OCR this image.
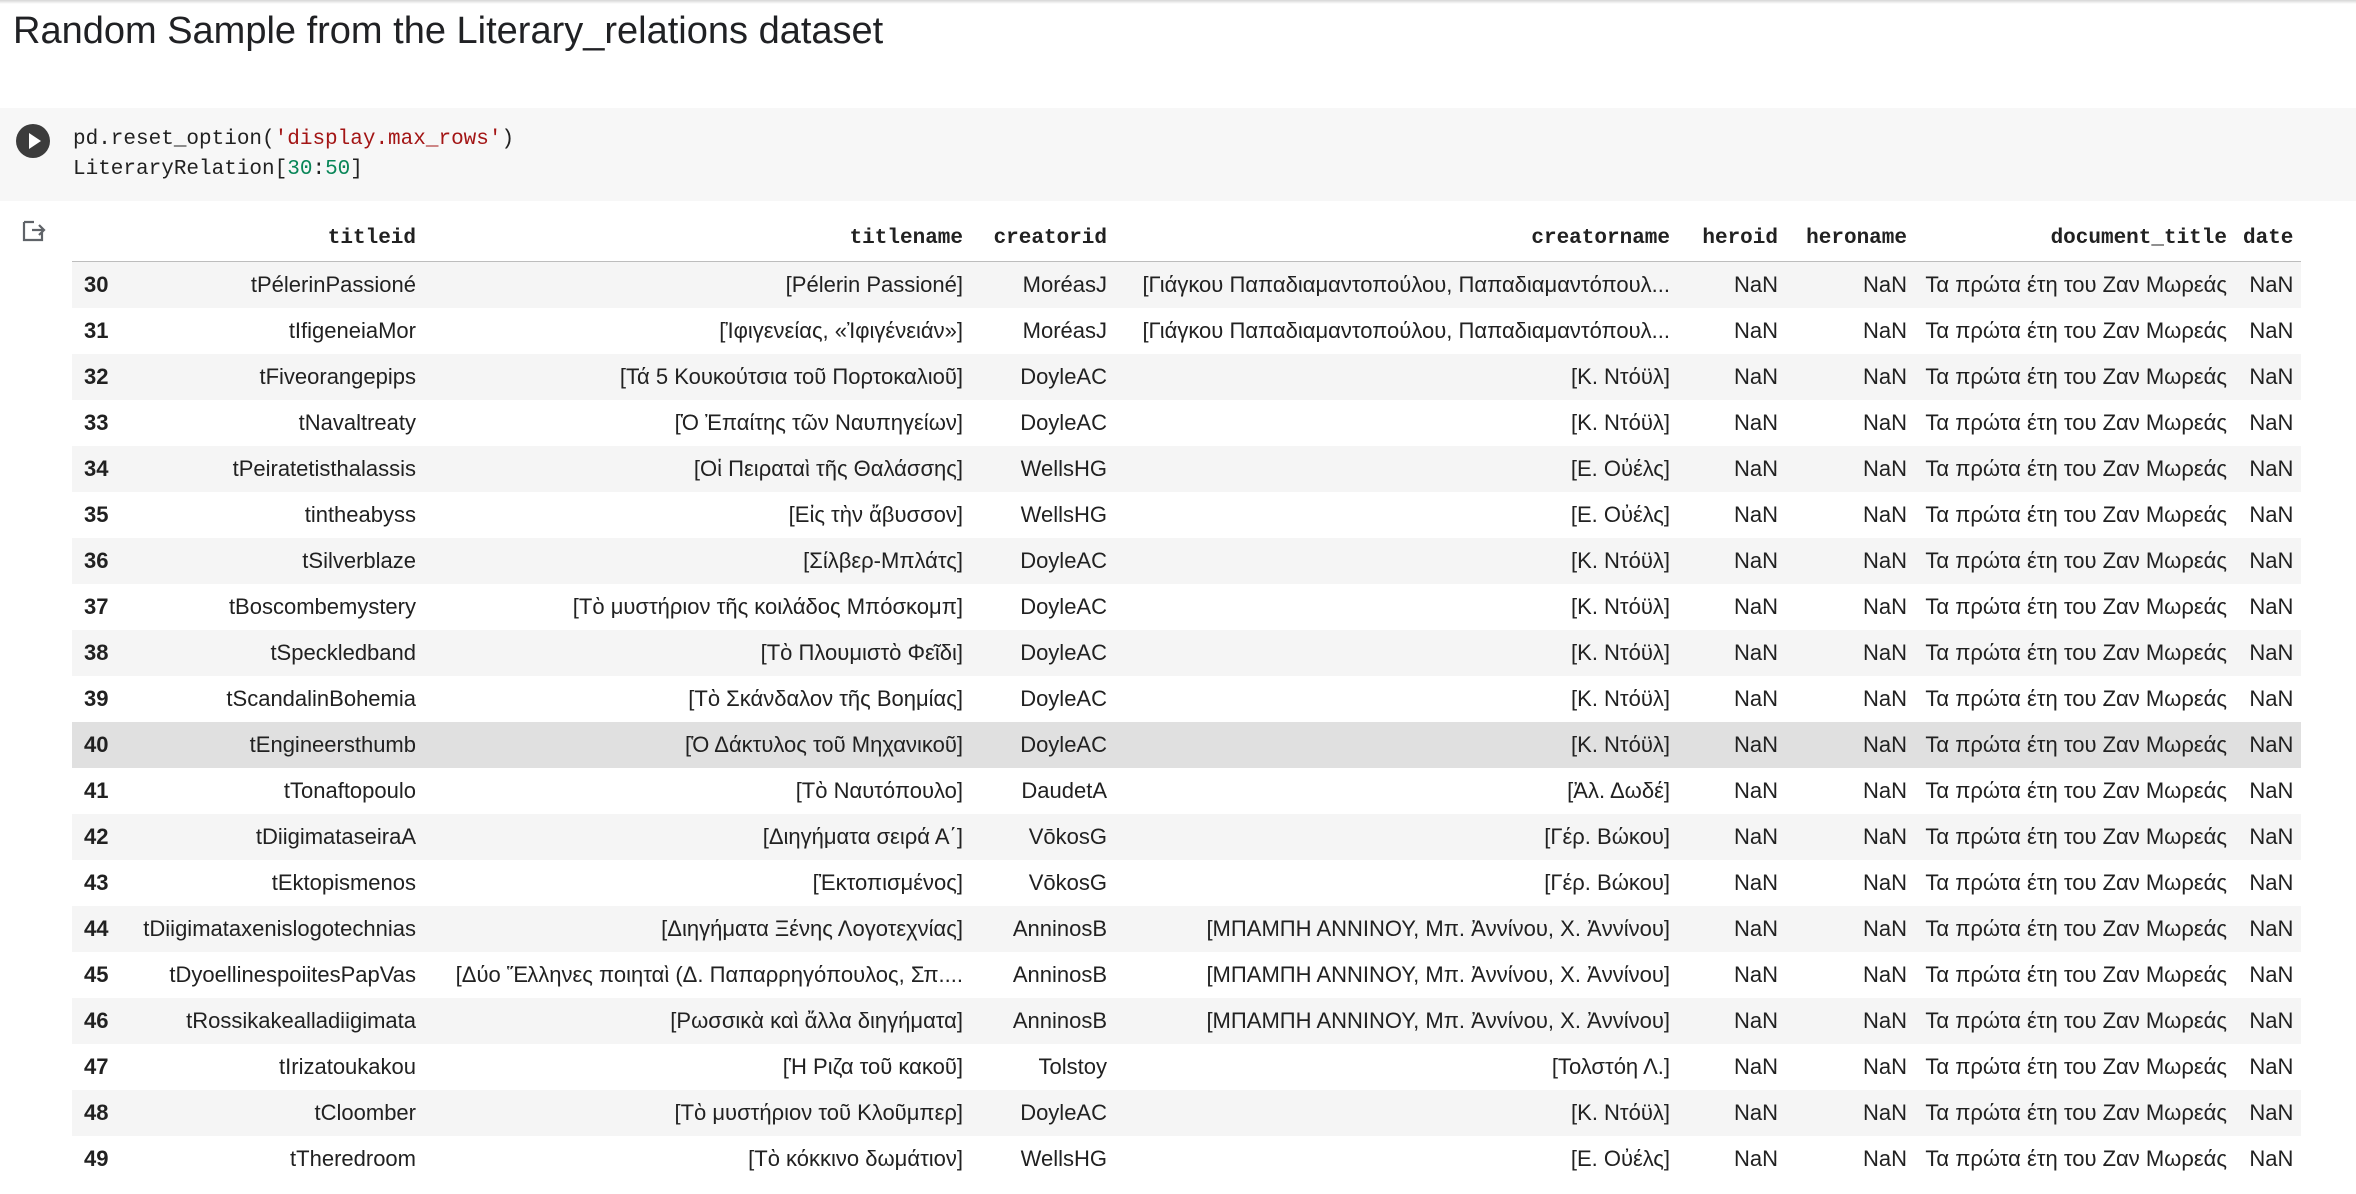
Random Sample from the Literary_relations dataset
pd.reset_option('display.max_rows')
LiteraryRelation[30:50]
	titleid	titlename	creatorid	creatorname	heroid	heroname	document_title	date
30	tPélerinPassioné	[Pélerin Passioné]	MoréasJ	[Γιάγκου Παπαδιαμαντοπούλου, Παπαδιαμαντόπουλ...	NaN	NaN	Τα πρώτα έτη του Ζαν Μωρεάς	NaN
31	tIfigeneiaMor	[Ἰφιγενείας, «Ἰφιγένειάν»]	MoréasJ	[Γιάγκου Παπαδιαμαντοπούλου, Παπαδιαμαντόπουλ...	NaN	NaN	Τα πρώτα έτη του Ζαν Μωρεάς	NaN
32	tFiveorangepips	[Τά 5 Κουκούτσια τοῦ Πορτοκαλιοῦ]	DoyleAC	[Κ. Ντόϋλ]	NaN	NaN	Τα πρώτα έτη του Ζαν Μωρεάς	NaN
33	tNavaltreaty	[Ὁ Ἐπαίτης τῶν Ναυπηγείων]	DoyleAC	[Κ. Ντόϋλ]	NaN	NaN	Τα πρώτα έτη του Ζαν Μωρεάς	NaN
34	tPeiratetisthalassis	[Οἱ Πειραταὶ τῆς Θαλάσσης]	WellsHG	[Ε. Οὐέλς]	NaN	NaN	Τα πρώτα έτη του Ζαν Μωρεάς	NaN
35	tintheabyss	[Εἰς τὴν ἄβυσσον]	WellsHG	[Ε. Οὐέλς]	NaN	NaN	Τα πρώτα έτη του Ζαν Μωρεάς	NaN
36	tSilverblaze	[Σίλβερ-Μπλάτς]	DoyleAC	[Κ. Ντόϋλ]	NaN	NaN	Τα πρώτα έτη του Ζαν Μωρεάς	NaN
37	tBoscombemystery	[Τὸ μυστήριον τῆς κοιλάδος Μπόσκομπ]	DoyleAC	[Κ. Ντόϋλ]	NaN	NaN	Τα πρώτα έτη του Ζαν Μωρεάς	NaN
38	tSpeckledband	[Τὸ Πλουμιστὸ Φεῖδι]	DoyleAC	[Κ. Ντόϋλ]	NaN	NaN	Τα πρώτα έτη του Ζαν Μωρεάς	NaN
39	tScandalinBohemia	[Τὸ Σκάνδαλον τῆς Βοημίας]	DoyleAC	[Κ. Ντόϋλ]	NaN	NaN	Τα πρώτα έτη του Ζαν Μωρεάς	NaN
40	tEngineersthumb	[Ὁ Δάκτυλος τοῦ Μηχανικοῦ]	DoyleAC	[Κ. Ντόϋλ]	NaN	NaN	Τα πρώτα έτη του Ζαν Μωρεάς	NaN
41	tTonaftopoulo	[Τὸ Ναυτόπουλο]	DaudetA	[Ἀλ. Δωδέ]	NaN	NaN	Τα πρώτα έτη του Ζαν Μωρεάς	NaN
42	tDiigimataseiraA	[Διηγήματα σειρά Α΄]	VōkosG	[Γέρ. Βώκου]	NaN	NaN	Τα πρώτα έτη του Ζαν Μωρεάς	NaN
43	tEktopismenos	[Ἐκτοπισμένος]	VōkosG	[Γέρ. Βώκου]	NaN	NaN	Τα πρώτα έτη του Ζαν Μωρεάς	NaN
44	tDiigimataxenislogotechnias	[Διηγήματα Ξένης Λογοτεχνίας]	AnninosB	[ΜΠΑΜΠΗ ΑΝΝΙΝΟΥ, Μπ. Ἀννίνου, Χ. Ἀννίνου]	NaN	NaN	Τα πρώτα έτη του Ζαν Μωρεάς	NaN
45	tDyoellinespoiitesPapVas	[Δύο Ἕλληνες ποιηταὶ (Δ. Παπαρρηγόπουλος, Σπ....	AnninosB	[ΜΠΑΜΠΗ ΑΝΝΙΝΟΥ, Μπ. Ἀννίνου, Χ. Ἀννίνου]	NaN	NaN	Τα πρώτα έτη του Ζαν Μωρεάς	NaN
46	tRossikakealladiigimata	[Ρωσσικὰ καὶ ἄλλα διηγήματα]	AnninosB	[ΜΠΑΜΠΗ ΑΝΝΙΝΟΥ, Μπ. Ἀννίνου, Χ. Ἀννίνου]	NaN	NaN	Τα πρώτα έτη του Ζαν Μωρεάς	NaN
47	tIrizatoukakou	[Ἡ Ριζα τοῦ κακοῦ]	Tolstoy	[Τολστόη Λ.]	NaN	NaN	Τα πρώτα έτη του Ζαν Μωρεάς	NaN
48	tCloomber	[Τὸ μυστήριον τοῦ Κλοῦμπερ]	DoyleAC	[Κ. Ντόϋλ]	NaN	NaN	Τα πρώτα έτη του Ζαν Μωρεάς	NaN
49	tTheredroom	[Τὸ κόκκινο δωμάτιον]	WellsHG	[Ε. Οὐέλς]	NaN	NaN	Τα πρώτα έτη του Ζαν Μωρεάς	NaN
